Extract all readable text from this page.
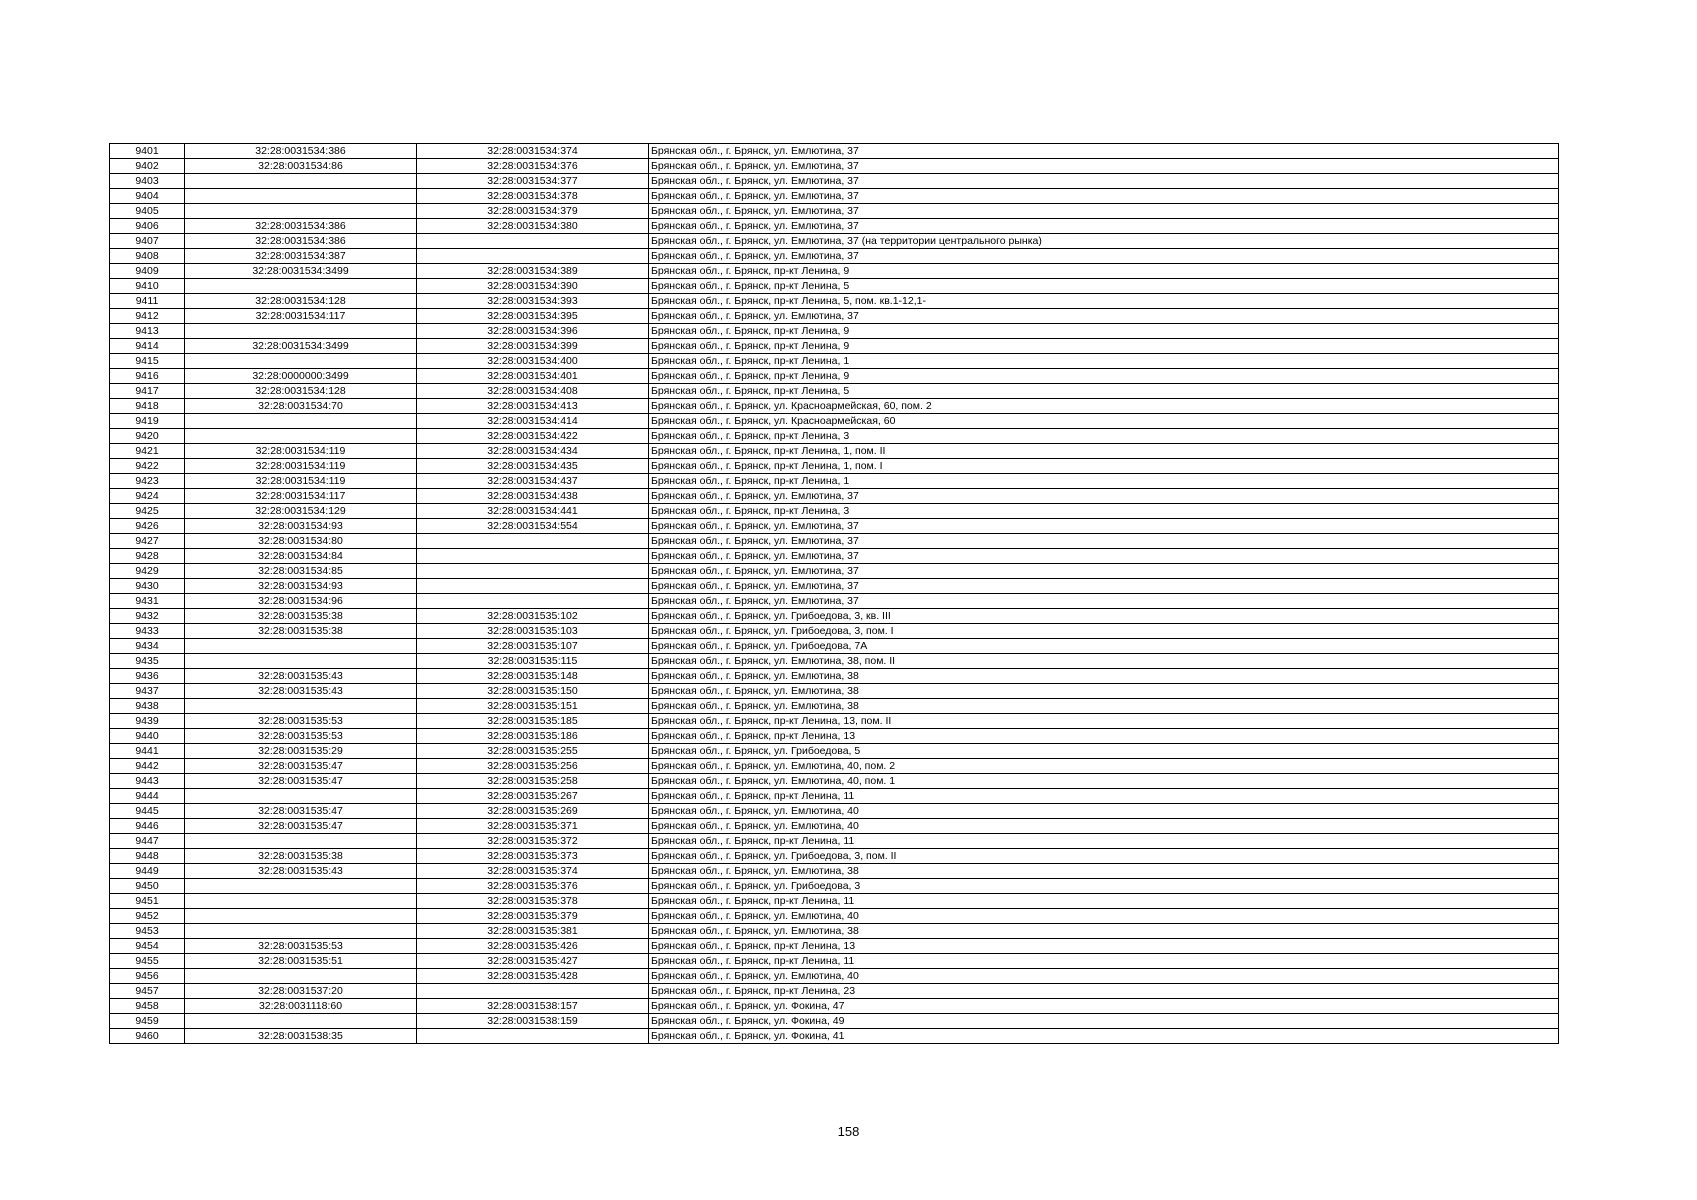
9401	32:28:0031534:386	32:28:0031534:374	Брянская обл., г. Брянск, ул. Емлютина, 37
9402	32:28:0031534:86	32:28:0031534:376	Брянская обл., г. Брянск, ул. Емлютина, 37
9403		32:28:0031534:377	Брянская обл., г. Брянск, ул. Емлютина, 37
9404		32:28:0031534:378	Брянская обл., г. Брянск, ул. Емлютина, 37
9405		32:28:0031534:379	Брянская обл., г. Брянск, ул. Емлютина, 37
9406	32:28:0031534:386	32:28:0031534:380	Брянская обл., г. Брянск, ул. Емлютина, 37
9407	32:28:0031534:386		Брянская обл., г. Брянск, ул. Емлютина, 37 (на территории центрального рынка)
9408	32:28:0031534:387		Брянская обл., г. Брянск, ул. Емлютина, 37
9409	32:28:0031534:3499	32:28:0031534:389	Брянская обл., г. Брянск, пр-кт Ленина, 9
9410		32:28:0031534:390	Брянская обл., г. Брянск, пр-кт Ленина, 5
9411	32:28:0031534:128	32:28:0031534:393	Брянская обл., г. Брянск, пр-кт Ленина, 5, пом. кв.1-12,1-
9412	32:28:0031534:117	32:28:0031534:395	Брянская обл., г. Брянск, ул. Емлютина, 37
9413		32:28:0031534:396	Брянская обл., г. Брянск, пр-кт Ленина, 9
9414	32:28:0031534:3499	32:28:0031534:399	Брянская обл., г. Брянск, пр-кт Ленина, 9
9415		32:28:0031534:400	Брянская обл., г. Брянск, пр-кт Ленина, 1
9416	32:28:0000000:3499	32:28:0031534:401	Брянская обл., г. Брянск, пр-кт Ленина, 9
9417	32:28:0031534:128	32:28:0031534:408	Брянская обл., г. Брянск, пр-кт Ленина, 5
9418	32:28:0031534:70	32:28:0031534:413	Брянская обл., г. Брянск, ул. Красноармейская, 60, пом. 2
9419		32:28:0031534:414	Брянская обл., г. Брянск, ул. Красноармейская, 60
9420		32:28:0031534:422	Брянская обл., г. Брянск, пр-кт Ленина, 3
9421	32:28:0031534:119	32:28:0031534:434	Брянская обл., г. Брянск, пр-кт Ленина, 1, пом. II
9422	32:28:0031534:119	32:28:0031534:435	Брянская обл., г. Брянск, пр-кт Ленина, 1, пом. I
9423	32:28:0031534:119	32:28:0031534:437	Брянская обл., г. Брянск, пр-кт Ленина, 1
9424	32:28:0031534:117	32:28:0031534:438	Брянская обл., г. Брянск, ул. Емлютина, 37
9425	32:28:0031534:129	32:28:0031534:441	Брянская обл., г. Брянск, пр-кт Ленина, 3
9426	32:28:0031534:93	32:28:0031534:554	Брянская обл., г. Брянск, ул. Емлютина, 37
9427	32:28:0031534:80		Брянская обл., г. Брянск, ул. Емлютина, 37
9428	32:28:0031534:84		Брянская обл., г. Брянск, ул. Емлютина, 37
9429	32:28:0031534:85		Брянская обл., г. Брянск, ул. Емлютина, 37
9430	32:28:0031534:93		Брянская обл., г. Брянск, ул. Емлютина, 37
9431	32:28:0031534:96		Брянская обл., г. Брянск, ул. Емлютина, 37
9432	32:28:0031535:38	32:28:0031535:102	Брянская обл., г. Брянск, ул. Грибоедова, 3, кв. III
9433	32:28:0031535:38	32:28:0031535:103	Брянская обл., г. Брянск, ул. Грибоедова, 3, пом. I
9434		32:28:0031535:107	Брянская обл., г. Брянск, ул. Грибоедова, 7А
9435		32:28:0031535:115	Брянская обл., г. Брянск, ул. Емлютина, 38, пом. II
9436	32:28:0031535:43	32:28:0031535:148	Брянская обл., г. Брянск, ул. Емлютина, 38
9437	32:28:0031535:43	32:28:0031535:150	Брянская обл., г. Брянск, ул. Емлютина, 38
9438		32:28:0031535:151	Брянская обл., г. Брянск, ул. Емлютина, 38
9439	32:28:0031535:53	32:28:0031535:185	Брянская обл., г. Брянск, пр-кт Ленина, 13, пом. II
9440	32:28:0031535:53	32:28:0031535:186	Брянская обл., г. Брянск, пр-кт Ленина, 13
9441	32:28:0031535:29	32:28:0031535:255	Брянская обл., г. Брянск, ул. Грибоедова, 5
9442	32:28:0031535:47	32:28:0031535:256	Брянская обл., г. Брянск, ул. Емлютина, 40, пом. 2
9443	32:28:0031535:47	32:28:0031535:258	Брянская обл., г. Брянск, ул. Емлютина, 40, пом. 1
9444		32:28:0031535:267	Брянская обл., г. Брянск, пр-кт Ленина, 11
9445	32:28:0031535:47	32:28:0031535:269	Брянская обл., г. Брянск, ул. Емлютина, 40
9446	32:28:0031535:47	32:28:0031535:371	Брянская обл., г. Брянск, ул. Емлютина, 40
9447		32:28:0031535:372	Брянская обл., г. Брянск, пр-кт Ленина, 11
9448	32:28:0031535:38	32:28:0031535:373	Брянская обл., г. Брянск, ул. Грибоедова, 3, пом. II
9449	32:28:0031535:43	32:28:0031535:374	Брянская обл., г. Брянск, ул. Емлютина, 38
9450		32:28:0031535:376	Брянская обл., г. Брянск, ул. Грибоедова, 3
9451		32:28:0031535:378	Брянская обл., г. Брянск, пр-кт Ленина, 11
9452		32:28:0031535:379	Брянская обл., г. Брянск, ул. Емлютина, 40
9453		32:28:0031535:381	Брянская обл., г. Брянск, ул. Емлютина, 38
9454	32:28:0031535:53	32:28:0031535:426	Брянская обл., г. Брянск, пр-кт Ленина, 13
9455	32:28:0031535:51	32:28:0031535:427	Брянская обл., г. Брянск, пр-кт Ленина, 11
9456		32:28:0031535:428	Брянская обл., г. Брянск, ул. Емлютина, 40
9457	32:28:0031537:20		Брянская обл., г. Брянск, пр-кт Ленина, 23
9458	32:28:0031118:60	32:28:0031538:157	Брянская обл., г. Брянск, ул. Фокина, 47
9459		32:28:0031538:159	Брянская обл., г. Брянск, ул. Фокина, 49
9460	32:28:0031538:35		Брянская обл., г. Брянск, ул. Фокина, 41
158
